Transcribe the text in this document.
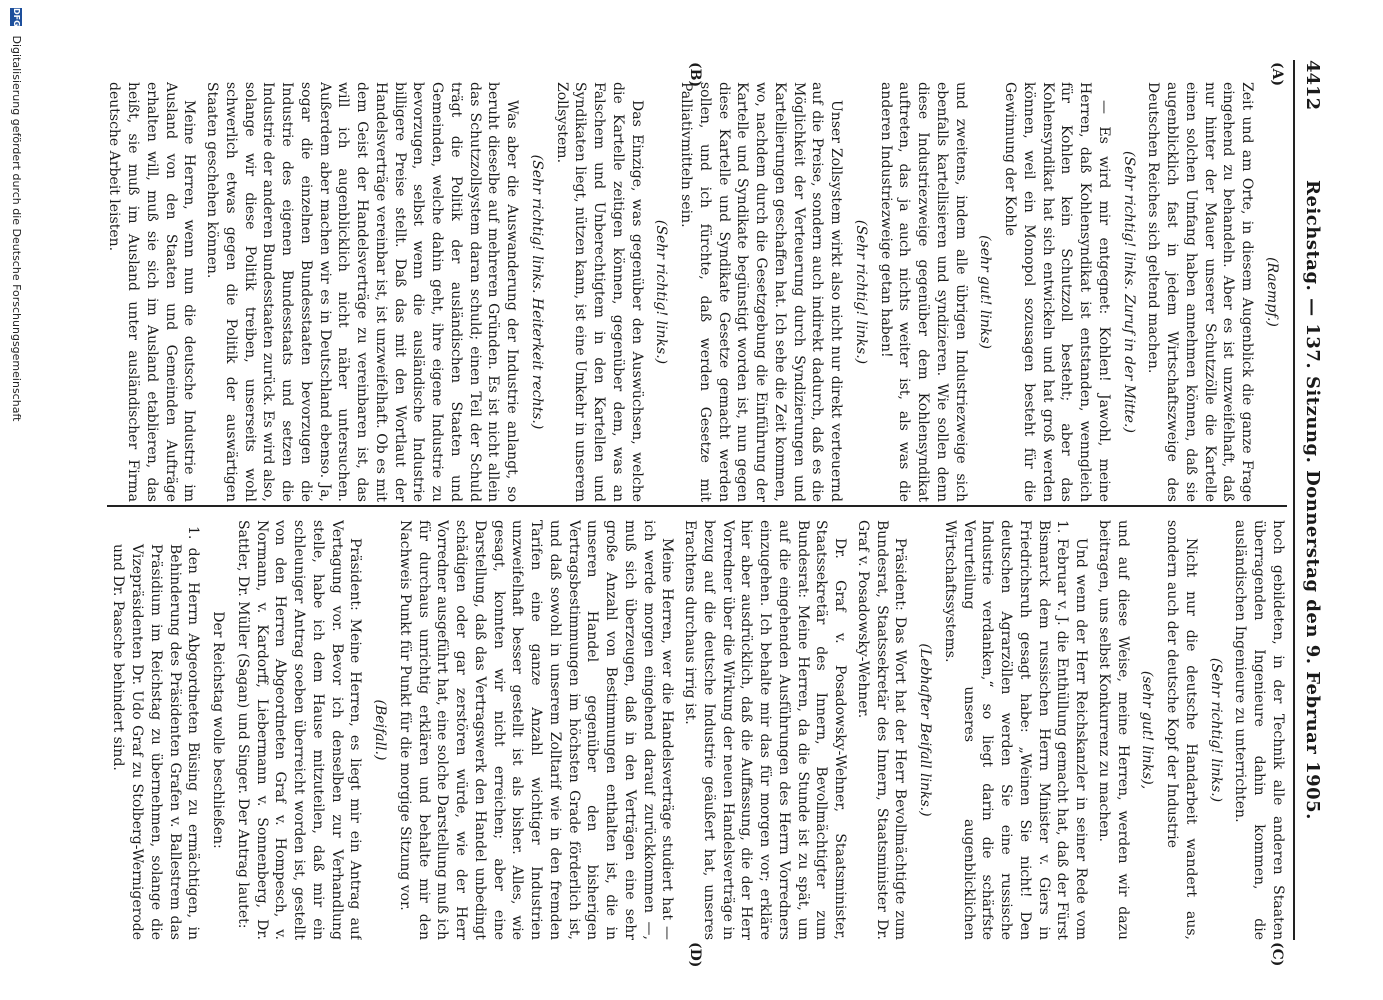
4412
Reichstag. — 137. Sitzung. Donnerstag den 9. Februar 1905.
(A)
(B)
(C)
(D)

(Raempf.)

Zeit und am Orte, in diesem Augenblick die ganze Frage eingehend zu behandeln. Aber es ist unzweifelhaft, daß nur hinter der Mauer unserer Schutzzölle die Kartelle einen solchen Umfang haben annehmen können, daß sie augenblicklich fast in jedem Wirtschaftszweige des Deutschen Reiches sich geltend machen.

(Sehr richtig! links. Zuruf in der Mitte.)

— Es wird mir entgegnet: Kohlen! Jawohl, meine Herren, daß Kohlensyndikat ist entstanden, wenngleich für Kohlen kein Schutzzoll besteht; aber das Kohlensyndikat hat sich entwickeln und hat groß werden können, weil ein Monopol sozusagen besteht für die Gewinnung der Kohle

(sehr gut! links)

und zweitens, indem alle übrigen Industriezweige sich ebenfalls kartellisieren und syndizieren. Wie sollen denn diese Industriezweige gegenüber dem Kohlensyndikat auftreten, das ja auch nichts weiter ist, als was die anderen Industriezweige getan haben!

(Sehr richtig! links.)

Unser Zollsystem wirkt also nicht nur direkt verteuernd auf die Preise, sondern auch indirekt dadurch, daß es die Möglichkeit der Verteuerung durch Syndizierungen und Kartellierungen geschaffen hat. Ich sehe die Zeit kommen, wo, nachdem durch die Gesetzgebung die Einführung der Kartelle und Syndikate begünstigt worden ist, nun gegen diese Kartelle und Syndikate Gesetze gemacht werden sollen, und ich fürchte, daß werden Gesetze mit Palliativmitteln sein.

(Sehr richtig! links.)

Das Einzige, was gegenüber den Auswüchsen, welche die Kartelle zeitigen können, gegenüber dem, was an Falschem und Unberechtigtem in den Kartellen und Syndikaten liegt, nützen kann, ist eine Umkehr in unserem Zollsystem.

(Sehr richtig! links. Heiterkeit rechts.)

Was aber die Auswanderung der Industrie anlangt, so beruht dieselbe auf mehreren Gründen. Es ist nicht allein das Schutzzollsystem daran schuld; einen Teil der Schuld trägt die Politik der ausländischen Staaten und Gemeinden, welche dahin geht, ihre eigene Industrie zu bevorzugen, selbst wenn die ausländische Industrie billigere Preise stellt. Daß das mit den Wortlaut der Handelsverträge vereinbar ist, ist unzweifelhaft. Ob es mit dem Geist der Handelsverträge zu vereinbaren ist, das will ich augenblicklich nicht näher untersuchen. Außerdem aber machen wir es in Deutschland ebenso. Ja, sogar die einzelnen Bundesstaaten bevorzugen die Industrie des eigenen Bundesstaats und setzen die Industrie der anderen Bundesstaaten zurück. Es wird also, solange wir diese Politik treiben, unserseits wohl schwerlich etwas gegen die Politik der auswärtigen Staaten geschehen können.

Meine Herren, wenn nun die deutsche Industrie im Ausland von den Staaten und Gemeinden Aufträge erhalten will, muß sie sich im Ausland etablieren, das heißt, sie muß im Ausland unter ausländischer Firma deutsche Arbeit leisten.

hoch gebildeten, in der Technik alle anderen Staaten überragenden Ingenieure dahin kommen, die ausländischen Ingenieure zu unterrichten.

(Sehr richtig! links.)

Nicht nur die deutsche Handarbeit wandert aus, sondern auch der deutsche Kopf der Industrie

(sehr gut! links),

und auf diese Weise, meine Herren, werden wir dazu beitragen, uns selbst Konkurrenz zu machen.

Und wenn der Herr Reichskanzler in seiner Rede vom 1. Februar v. J. die Enthüllung gemacht hat, daß der Fürst Bismarck dem russischen Herrn Minister v. Giers in Friedrichsruh gesagt habe: „Weinen Sie nicht! Den deutschen Agrarzöllen werden Sie eine russische Industrie verdanken,“ so liegt darin die schärfste Verurteilung unseres augenblicklichen Wirtschaftssystems.

(Lebhafter Beifall links.)

Präsident: Das Wort hat der Herr Bevollmächtigte zum Bundesrat, Staatssekretär des Innern, Staatsminister Dr. Graf v. Posadowsky-Wehner.

Dr. Graf v. Posadowsky-Wehner, Staatsminister, Staatssekretär des Innern, Bevollmächtigter zum Bundesrat: Meine Herren, da die Stunde ist zu spät, um auf die eingehenden Ausführungen des Herrn Vorredners einzugehen. Ich behalte mir das für morgen vor; erkläre hier aber ausdrücklich, daß die Auffassung, die der Herr Vorredner über die Wirkung der neuen Handelsverträge in bezug auf die deutsche Industrie geäußert hat, unseres Erachtens durchaus irrig ist.

Meine Herren, wer die Handelsverträge studiert hat — ich werde morgen eingehend darauf zurückkommen —, muß sich überzeugen, daß in den Verträgen eine sehr große Anzahl von Bestimmungen enthalten ist, die in unseren Handel gegenüber den bisherigen Vertragsbestimmungen im höchsten Grade förderlich ist, und daß sowohl in unserem Zolltarif wie in den fremden Tarifen eine ganze Anzahl wichtiger Industrien unzweifelhaft besser gestellt ist als bisher. Alles, wie gesagt, konnten wir nicht erreichen; aber eine Darstellung, daß das Vertragswerk den Handel unbedingt schädigen oder gar zerstören würde, wie der Herr Vorredner ausgeführt hat, eine solche Darstellung muß ich für durchaus unrichtig erklären und behalte mir den Nachweis Punkt für Punkt für die morgige Sitzung vor.

(Beifall.)

Präsident: Meine Herren, es liegt mir ein Antrag auf Vertagung vor. Bevor ich denselben zur Verhandlung stelle, habe ich dem Hause mitzuteilen, daß mir ein schleuniger Antrag soeben überreicht worden ist, gestellt von den Herren Abgeordneten Graf v. Hompesch, v. Normann, v. Kardorff, Liebermann v. Sonnenberg, Dr. Sattler, Dr. Müller (Sagan) und Singer. Der Antrag lautet:

Der Reichstag wolle beschließen:

1. den Herrn Abgeordneten Büsing zu ermächtigen, in Behinderung des Präsidenten Grafen v. Ballestrem das Präsidium im Reichstag zu übernehmen, solange die Vizepräsidenten Dr. Udo Graf zu Stolberg-Wernigerode und Dr. Paasche behindert sind.

DFG Digitalisierung gefördert durch die Deutsche Forschungsgemeinschaft
